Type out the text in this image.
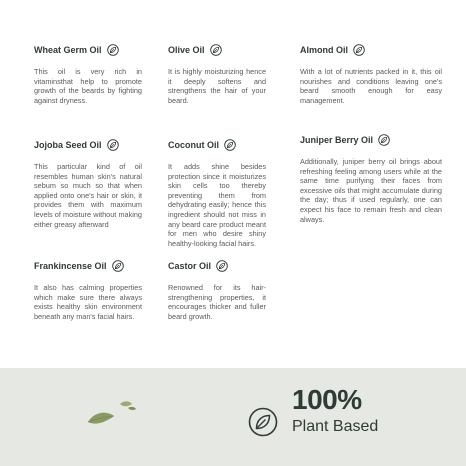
Wheat Germ Oil

This oil is very rich in vitaminsthat help to promote growth of the beards by fighting against dryness.

Olive Oil

It is highly moisturizing hence it deeply softens and strengthens the hair of your beard.

Almond Oil

With a lot of nutrients packed in it, this oil nourishes and conditions leaving one's beard smooth enough for easy management.

Jojoba Seed Oil

This particular kind of oil resembles human skin's natural sebum so much so that when applied onto one's hair or skin, it provides them with maximum levels of moisture without making either greasy afterward

Coconut Oil

It adds shine besides protection since it moisturizes skin cells too thereby preventing them from dehydrating easily; hence this ingredient should not miss in any beard care product meant for men who desire shiny healthy-looking facial hairs.

Juniper Berry Oil

Additionally, juniper berry oil brings about refreshing feeling among users while at the same time purifying their faces from excessive oils that might accumulate during the day; thus if used regularly, one can expect his face to remain fresh and clean always.

Frankincense Oil

It also has calming properties which make sure there always exists healthy skin environment beneath any man's facial hairs.

Castor Oil

Renowned for its hair-strengthening properties, it encourages thicker and fuller beard growth.

100%
Plant Based
